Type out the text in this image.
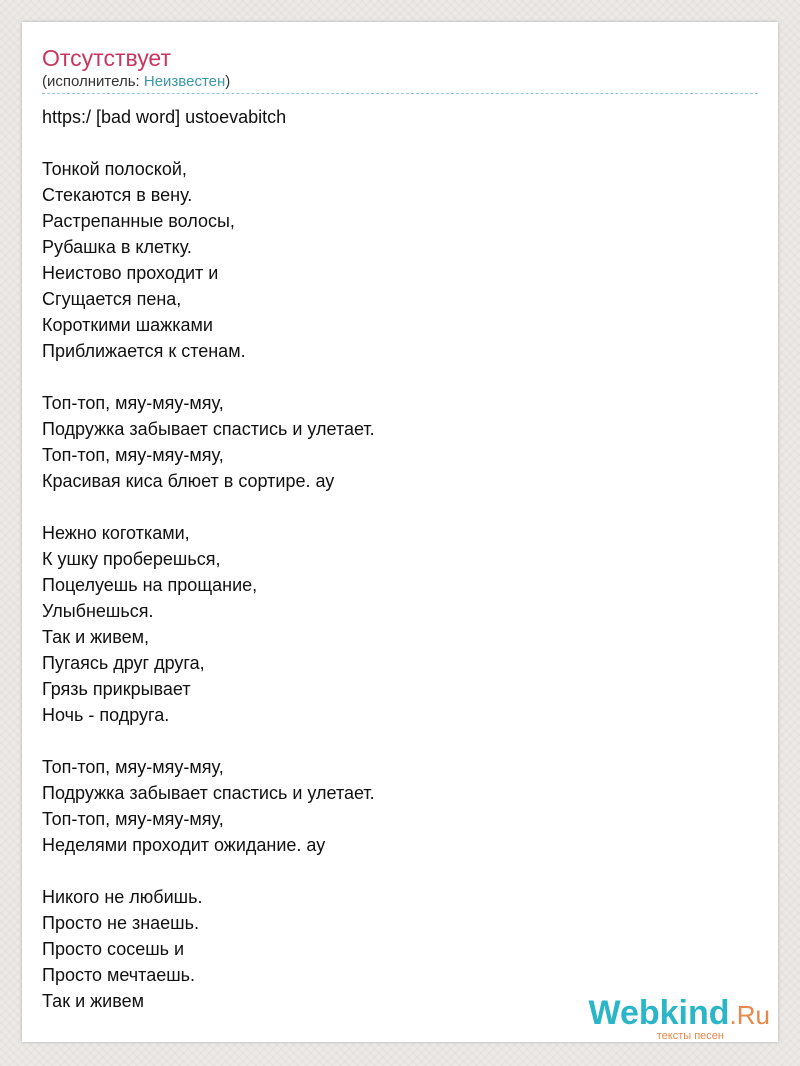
Отсутствует
(исполнитель: Неизвестен)
https:/ [bad word] ustoevabitch
Тонкой полоской,
Стекаются в вену.
Растрепанные волосы,
Рубашка в клетку.
Неистово проходит и
Сгущается пена,
Короткими шажками
Приближается к стенам.
Топ-топ, мяу-мяу-мяу,
Подружка забывает спастись и улетает.
Топ-топ, мяу-мяу-мяу,
Красивая киса блюет в сортире. ау
Нежно коготками,
К ушку проберешься,
Поцелуешь на прощание,
Улыбнешься.
Так и живем,
Пугаясь друг друга,
Грязь прикрывает
Ночь - подруга.
Топ-топ, мяу-мяу-мяу,
Подружка забывает спастись и улетает.
Топ-топ, мяу-мяу-мяу,
Неделями проходит ожидание. ау
Никого не любишь.
Просто не знаешь.
Просто сосешь и
Просто мечтаешь.
Так и живем	Webkind.Ru
тексты песен
